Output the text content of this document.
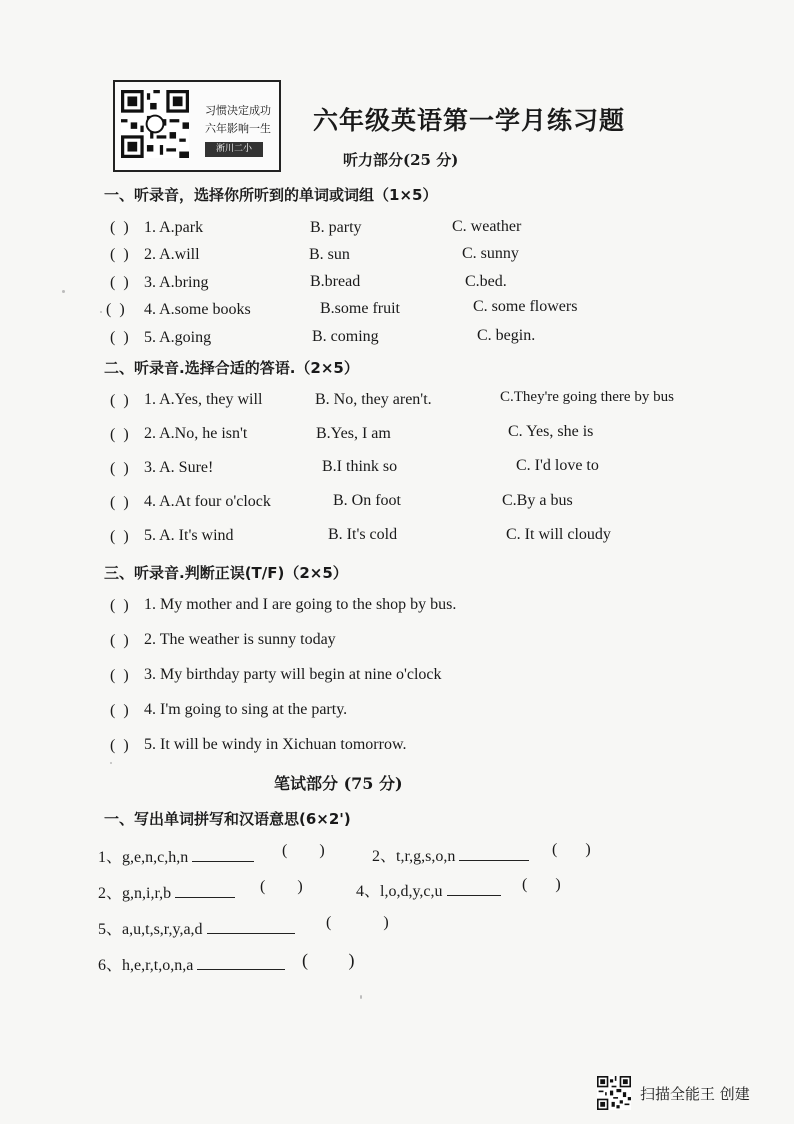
习惯决定成功
六年影响一生
淅川二小
六年级英语第一学月练习题
听力部分(25 分)
一、听录音，选择你所听到的单词或词组（1×5）
(  ) 1. A.park	B. party	C. weather
(  ) 2. A.will	B. sun	C. sunny
(  ) 3. A.bring	B.bread	C.bed.
(  ) 4. A.some books	B.some fruit	C. some flowers
(  ) 5. A.going	B. coming	C. begin.
二、听录音.选择合适的答语.（2×5）
(  ) 1. A.Yes, they will	B. No, they aren't.	C.They're going there by bus
(  ) 2. A.No, he isn't	B.Yes, I am	C. Yes, she is
(  ) 3. A. Sure!	B.I think so	C. I'd love to
(  ) 4. A.At four o'clock	B. On foot	C.By a bus
(  ) 5. A. It's wind	B. It's cold	C. It will cloudy
三、听录音.判断正误(T/F)（2×5）
(  ) 1. My mother and I are going to the shop by bus.
(  ) 2. The weather is sunny today
(  ) 3. My birthday party will begin at nine o'clock
(  ) 4. I'm going to sing at the party.
(  ) 5. It will be windy in Xichuan tomorrow.
笔试部分 (75 分)
一、写出单词拼写和汉语意思(6×2')
1、g,e,n,c,h,n	(        )	2、t,r,g,s,o,n	(       )
2、g,n,i,r,b	(        )	4、l,o,d,y,c,u	(       )
5、a,u,t,s,r,y,a,d	(             )
6、h,e,r,t,o,n,a	(         )
扫描全能王 创建
